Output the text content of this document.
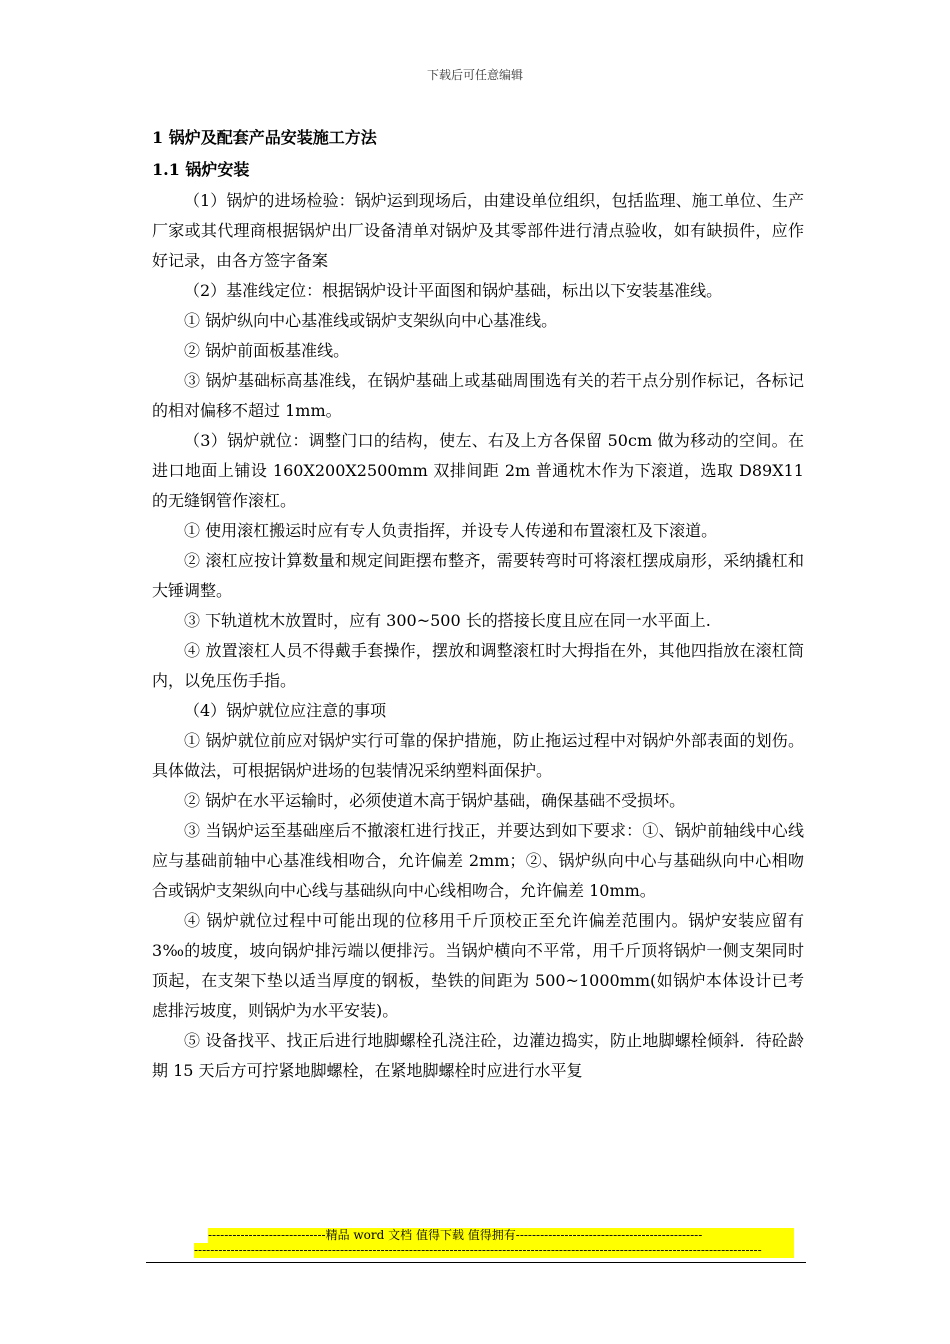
下载后可任意编辑
1 锅炉及配套产品安装施工方法
1.1 锅炉安装

（1）锅炉的进场检验：锅炉运到现场后，由建设单位组织，包括监理、施工单位、生产厂家或其代理商根据锅炉出厂设备清单对锅炉及其零部件进行清点验收，如有缺损件，应作好记录，由各方签字备案

（2）基准线定位：根据锅炉设计平面图和锅炉基础，标出以下安装基准线。

① 锅炉纵向中心基准线或锅炉支架纵向中心基准线。

② 锅炉前面板基准线。

③ 锅炉基础标高基准线，在锅炉基础上或基础周围选有关的若干点分别作标记，各标记的相对偏移不超过 1mm。

（3）锅炉就位：调整门口的结构，使左、右及上方各保留 50cm 做为移动的空间。在进口地面上铺设 160X200X2500mm 双排间距 2m 普通枕木作为下滚道，选取 D89X11 的无缝钢管作滚杠。

① 使用滚杠搬运时应有专人负责指挥，并设专人传递和布置滚杠及下滚道。

② 滚杠应按计算数量和规定间距摆布整齐，需要转弯时可将滚杠摆成扇形，采纳撬杠和大锤调整。

③ 下轨道枕木放置时，应有 300~500 长的搭接长度且应在同一水平面上.

④ 放置滚杠人员不得戴手套操作，摆放和调整滚杠时大拇指在外，其他四指放在滚杠筒内，以免压伤手指。

（4）锅炉就位应注意的事项

① 锅炉就位前应对锅炉实行可靠的保护措施，防止拖运过程中对锅炉外部表面的划伤。具体做法，可根据锅炉进场的包装情况采纳塑料面保护。

② 锅炉在水平运输时，必须使道木高于锅炉基础，确保基础不受损坏。

③ 当锅炉运至基础座后不撤滚杠进行找正，并要达到如下要求：①、锅炉前轴线中心线应与基础前轴中心基准线相吻合，允许偏差 2mm；②、锅炉纵向中心与基础纵向中心相吻合或锅炉支架纵向中心线与基础纵向中心线相吻合，允许偏差 10mm。

④ 锅炉就位过程中可能出现的位移用千斤顶校正至允许偏差范围内。锅炉安装应留有 3‰的坡度，坡向锅炉排污端以便排污。当锅炉横向不平常，用千斤顶将锅炉一侧支架同时顶起，在支架下垫以适当厚度的钢板，垫铁的间距为 500~1000mm(如锅炉本体设计已考虑排污坡度，则锅炉为水平安装)。

⑤ 设备找平、找正后进行地脚螺栓孔浇注砼，边灌边捣实，防止地脚螺栓倾斜．待砼龄期 15 天后方可拧紧地脚螺栓，在紧地脚螺栓时应进行水平复

-----------------------------精品 word 文档 值得下载 值得拥有----------------------------------------------
--------------------------------------------------------------------------------------------------------------------------------------------
